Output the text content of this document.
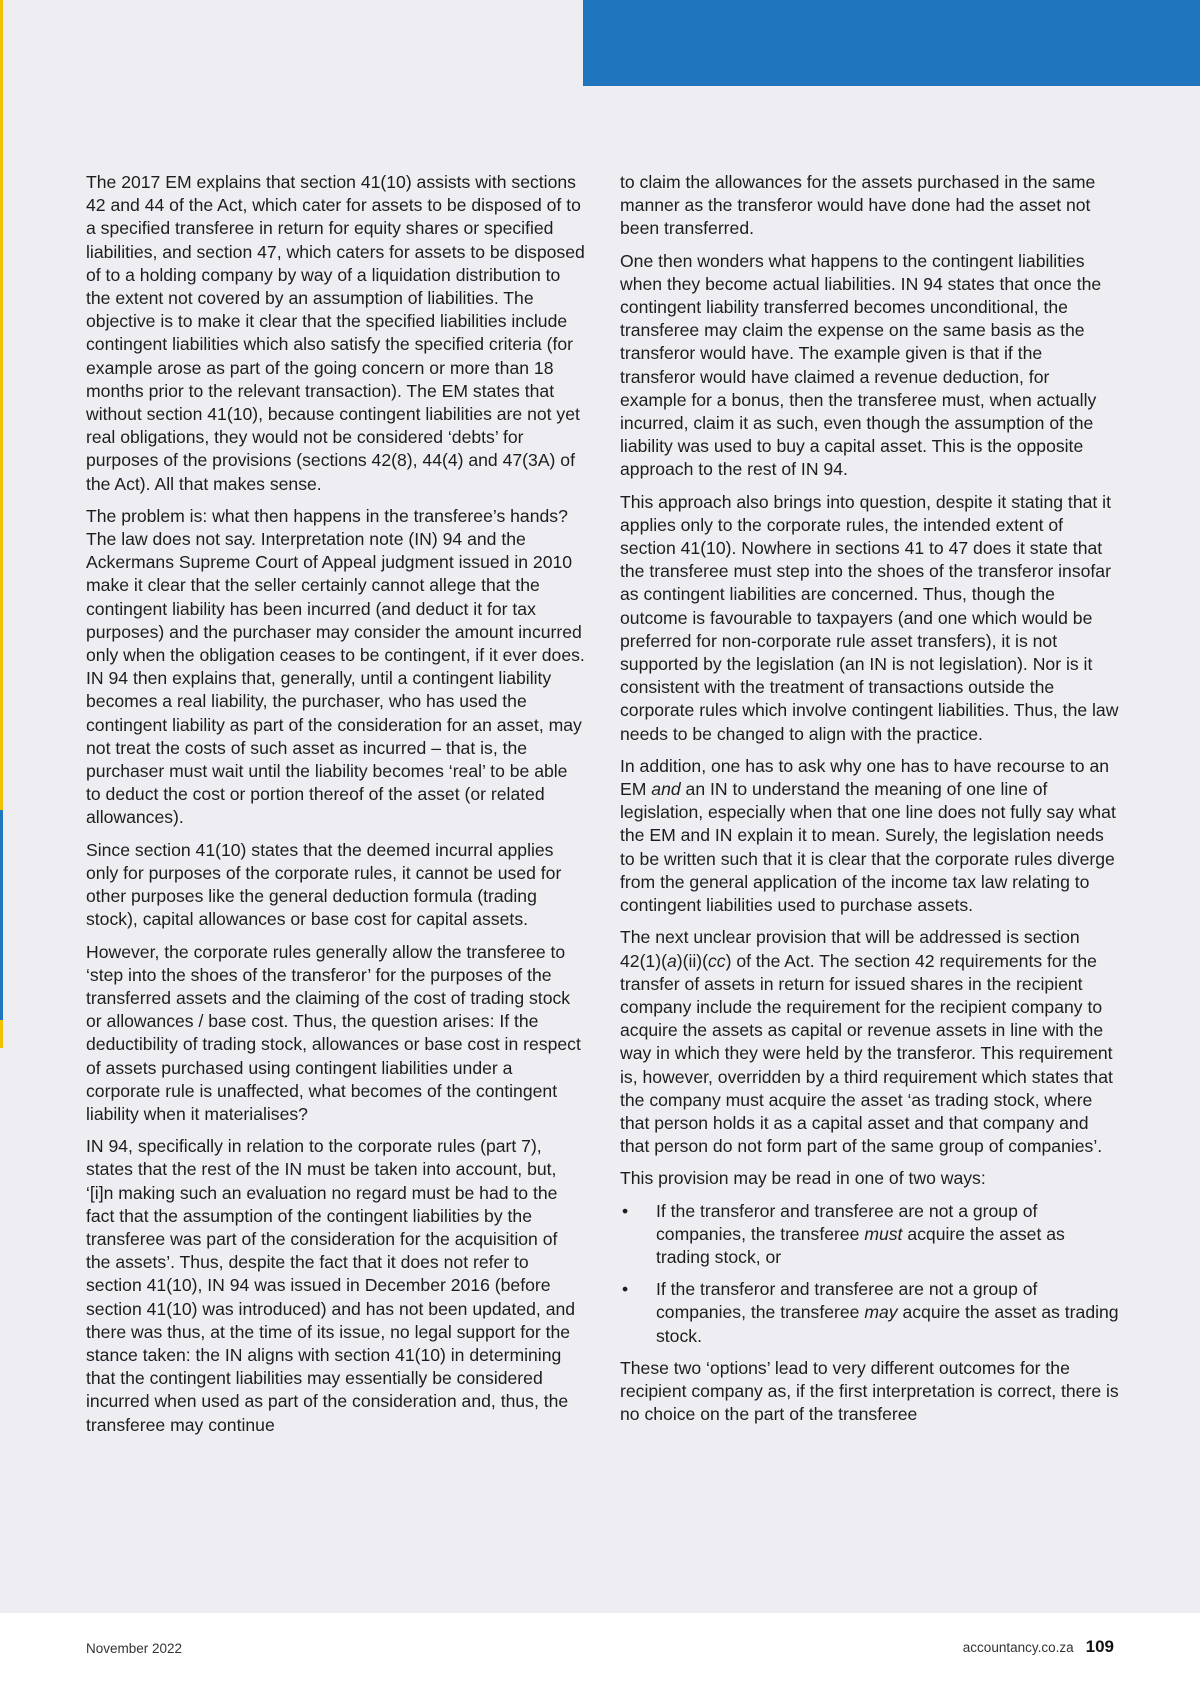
The 2017 EM explains that section 41(10) assists with sections 42 and 44 of the Act, which cater for assets to be disposed of to a specified transferee in return for equity shares or specified liabilities, and section 47, which caters for assets to be disposed of to a holding company by way of a liquidation distribution to the extent not covered by an assumption of liabilities. The objective is to make it clear that the specified liabilities include contingent liabilities which also satisfy the specified criteria (for example arose as part of the going concern or more than 18 months prior to the relevant transaction). The EM states that without section 41(10), because contingent liabilities are not yet real obligations, they would not be considered ‘debts’ for purposes of the provisions (sections 42(8), 44(4) and 47(3A) of the Act). All that makes sense.

The problem is: what then happens in the transferee’s hands? The law does not say. Interpretation note (IN) 94 and the Ackermans Supreme Court of Appeal judgment issued in 2010 make it clear that the seller certainly cannot allege that the contingent liability has been incurred (and deduct it for tax purposes) and the purchaser may consider the amount incurred only when the obligation ceases to be contingent, if it ever does. IN 94 then explains that, generally, until a contingent liability becomes a real liability, the purchaser, who has used the contingent liability as part of the consideration for an asset, may not treat the costs of such asset as incurred – that is, the purchaser must wait until the liability becomes ‘real’ to be able to deduct the cost or portion thereof of the asset (or related allowances).

Since section 41(10) states that the deemed incurral applies only for purposes of the corporate rules, it cannot be used for other purposes like the general deduction formula (trading stock), capital allowances or base cost for capital assets.

However, the corporate rules generally allow the transferee to ‘step into the shoes of the transferor’ for the purposes of the transferred assets and the claiming of the cost of trading stock or allowances / base cost. Thus, the question arises: If the deductibility of trading stock, allowances or base cost in respect of assets purchased using contingent liabilities under a corporate rule is unaffected, what becomes of the contingent liability when it materialises?

IN 94, specifically in relation to the corporate rules (part 7), states that the rest of the IN must be taken into account, but, ‘[i]n making such an evaluation no regard must be had to the fact that the assumption of the contingent liabilities by the transferee was part of the consideration for the acquisition of the assets’. Thus, despite the fact that it does not refer to section 41(10), IN 94 was issued in December 2016 (before section 41(10) was introduced) and has not been updated, and there was thus, at the time of its issue, no legal support for the stance taken: the IN aligns with section 41(10) in determining that the contingent liabilities may essentially be considered incurred when used as part of the consideration and, thus, the transferee may continue

to claim the allowances for the assets purchased in the same manner as the transferor would have done had the asset not been transferred.

One then wonders what happens to the contingent liabilities when they become actual liabilities. IN 94 states that once the contingent liability transferred becomes unconditional, the transferee may claim the expense on the same basis as the transferor would have. The example given is that if the transferor would have claimed a revenue deduction, for example for a bonus, then the transferee must, when actually incurred, claim it as such, even though the assumption of the liability was used to buy a capital asset. This is the opposite approach to the rest of IN 94.

This approach also brings into question, despite it stating that it applies only to the corporate rules, the intended extent of section 41(10). Nowhere in sections 41 to 47 does it state that the transferee must step into the shoes of the transferor insofar as contingent liabilities are concerned. Thus, though the outcome is favourable to taxpayers (and one which would be preferred for non-corporate rule asset transfers), it is not supported by the legislation (an IN is not legislation). Nor is it consistent with the treatment of transactions outside the corporate rules which involve contingent liabilities. Thus, the law needs to be changed to align with the practice.

In addition, one has to ask why one has to have recourse to an EM and an IN to understand the meaning of one line of legislation, especially when that one line does not fully say what the EM and IN explain it to mean. Surely, the legislation needs to be written such that it is clear that the corporate rules diverge from the general application of the income tax law relating to contingent liabilities used to purchase assets.

The next unclear provision that will be addressed is section 42(1)(a)(ii)(cc) of the Act. The section 42 requirements for the transfer of assets in return for issued shares in the recipient company include the requirement for the recipient company to acquire the assets as capital or revenue assets in line with the way in which they were held by the transferor. This requirement is, however, overridden by a third requirement which states that the company must acquire the asset ‘as trading stock, where that person holds it as a capital asset and that company and that person do not form part of the same group of companies’.

This provision may be read in one of two ways:

• If the transferor and transferee are not a group of companies, the transferee must acquire the asset as trading stock, or
• If the transferor and transferee are not a group of companies, the transferee may acquire the asset as trading stock.

These two ‘options’ lead to very different outcomes for the recipient company as, if the first interpretation is correct, there is no choice on the part of the transferee

November 2022	accountancy.co.za 109
